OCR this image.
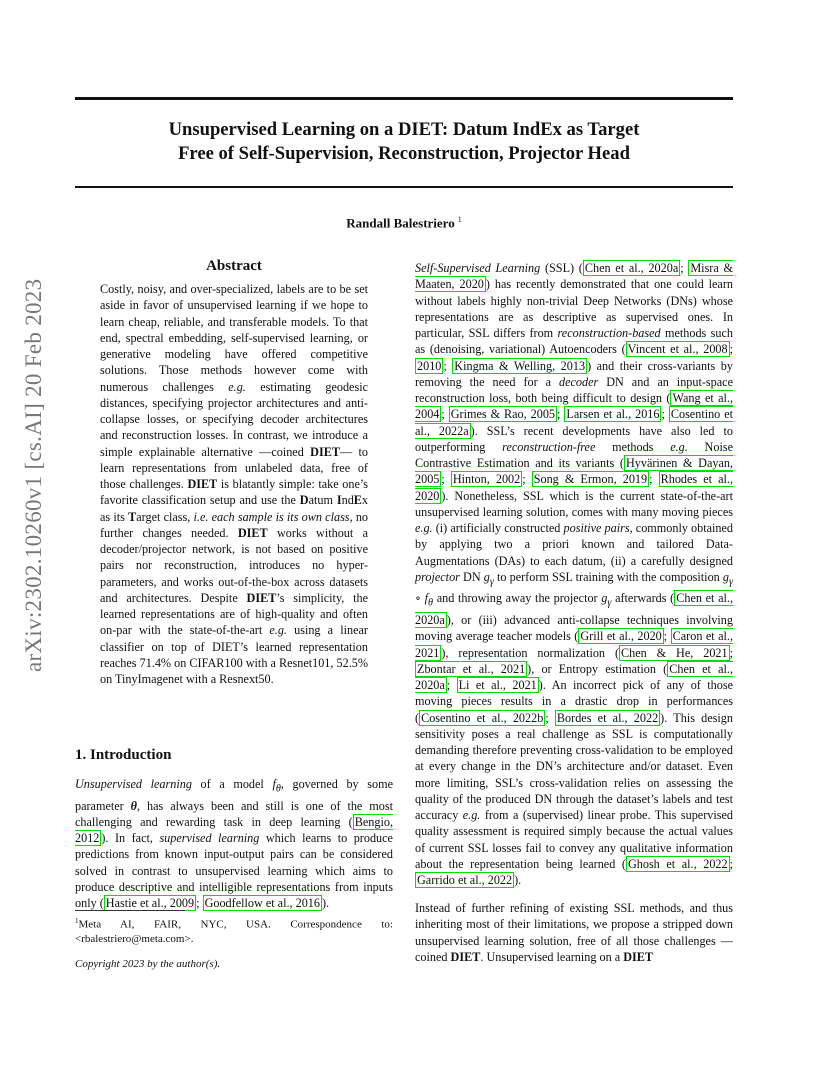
Unsupervised Learning on a DIET: Datum IndEx as Target
Free of Self-Supervision, Reconstruction, Projector Head
Randall Balestriero $^1$
arXiv:2302.10260v1 [cs.AI] 20 Feb 2023
Abstract
Costly, noisy, and over-specialized, labels are to be set aside in favor of unsupervised learning if we hope to learn cheap, reliable, and transferable models. To that end, spectral embedding, self-supervised learning, or generative modeling have offered competitive solutions. Those methods however come with numerous challenges e.g. estimating geodesic distances, specifying projector architectures and anti-collapse losses, or specifying decoder architectures and reconstruction losses. In contrast, we introduce a simple explainable alternative —coined DIET— to learn representations from unlabeled data, free of those challenges. DIET is blatantly simple: take one’s favorite classification setup and use the Datum IndEx as its Target class, i.e. each sample is its own class, no further changes needed. DIET works without a decoder/projector network, is not based on positive pairs nor reconstruction, introduces no hyper-parameters, and works out-of-the-box across datasets and architectures. Despite DIET’s simplicity, the learned representations are of high-quality and often on-par with the state-of-the-art e.g. using a linear classifier on top of DIET’s learned representation reaches 71.4% on CIFAR100 with a Resnet101, 52.5% on TinyImagenet with a Resnext50.
1. Introduction
Unsupervised learning of a model $f_\theta$, governed by some parameter θ, has always been and still is one of the most challenging and rewarding task in deep learning ( Bengio, 2012 ). In fact, supervised learning which learns to produce predictions from known input-output pairs can be considered solved in contrast to unsupervised learning which aims to produce descriptive and intelligible representations from inputs only ( Hastie et al., 2009 ; Goodfellow et al., 2016 ).
$^1$Meta AI, FAIR, NYC, USA. Correspondence to: <rbalestriero@meta.com>.
Copyright 2023 by the author(s).
Self-Supervised Learning (SSL) ( Chen et al., 2020a ; Misra & Maaten, 2020 ) has recently demonstrated that one could learn without labels highly non-trivial Deep Networks (DNs) whose representations are as descriptive as supervised ones. In particular, SSL differs from reconstruction-based methods such as (denoising, variational) Autoencoders ( Vincent et al., 2008 ; 2010 ; Kingma & Welling, 2013 ) and their cross-variants by removing the need for a decoder DN and an input-space reconstruction loss, both being difficult to design ( Wang et al., 2004 ; Grimes & Rao, 2005 ; Larsen et al., 2016 ; Cosentino et al., 2022a ). SSL’s recent developments have also led to outperforming reconstruction-free methods e.g. Noise Contrastive Estimation and its variants ( Hyvärinen & Dayan, 2005 ; Hinton, 2002 ; Song & Ermon, 2019 ; Rhodes et al., 2020 ). Nonetheless, SSL which is the current state-of-the-art unsupervised learning solution, comes with many moving pieces e.g. (i) artificially constructed positive pairs, commonly obtained by applying two a priori known and tailored Data-Augmentations (DAs) to each datum, (ii) a carefully designed projector DN $g_\gamma$ to perform SSL training with the composition $g_\gamma$ ∘ $f_\theta$ and throwing away the projector $g_\gamma$ afterwards ( Chen et al., 2020a ), or (iii) advanced anti-collapse techniques involving moving average teacher models ( Grill et al., 2020 ; Caron et al., 2021 ), representation normalization ( Chen & He, 2021 ; Zbontar et al., 2021 ), or Entropy estimation ( Chen et al., 2020a ; Li et al., 2021 ). An incorrect pick of any of those moving pieces results in a drastic drop in performances ( Cosentino et al., 2022b ; Bordes et al., 2022 ). This design sensitivity poses a real challenge as SSL is computationally demanding therefore preventing cross-validation to be employed at every change in the DN’s architecture and/or dataset. Even more limiting, SSL’s cross-validation relies on assessing the quality of the produced DN through the dataset’s labels and test accuracy e.g. from a (supervised) linear probe. This supervised quality assessment is required simply because the actual values of current SSL losses fail to convey any qualitative information about the representation being learned ( Ghosh et al., 2022 ; Garrido et al., 2022 ).
Instead of further refining of existing SSL methods, and thus inheriting most of their limitations, we propose a stripped down unsupervised learning solution, free of all those challenges —coined DIET. Unsupervised learning on a DIET
